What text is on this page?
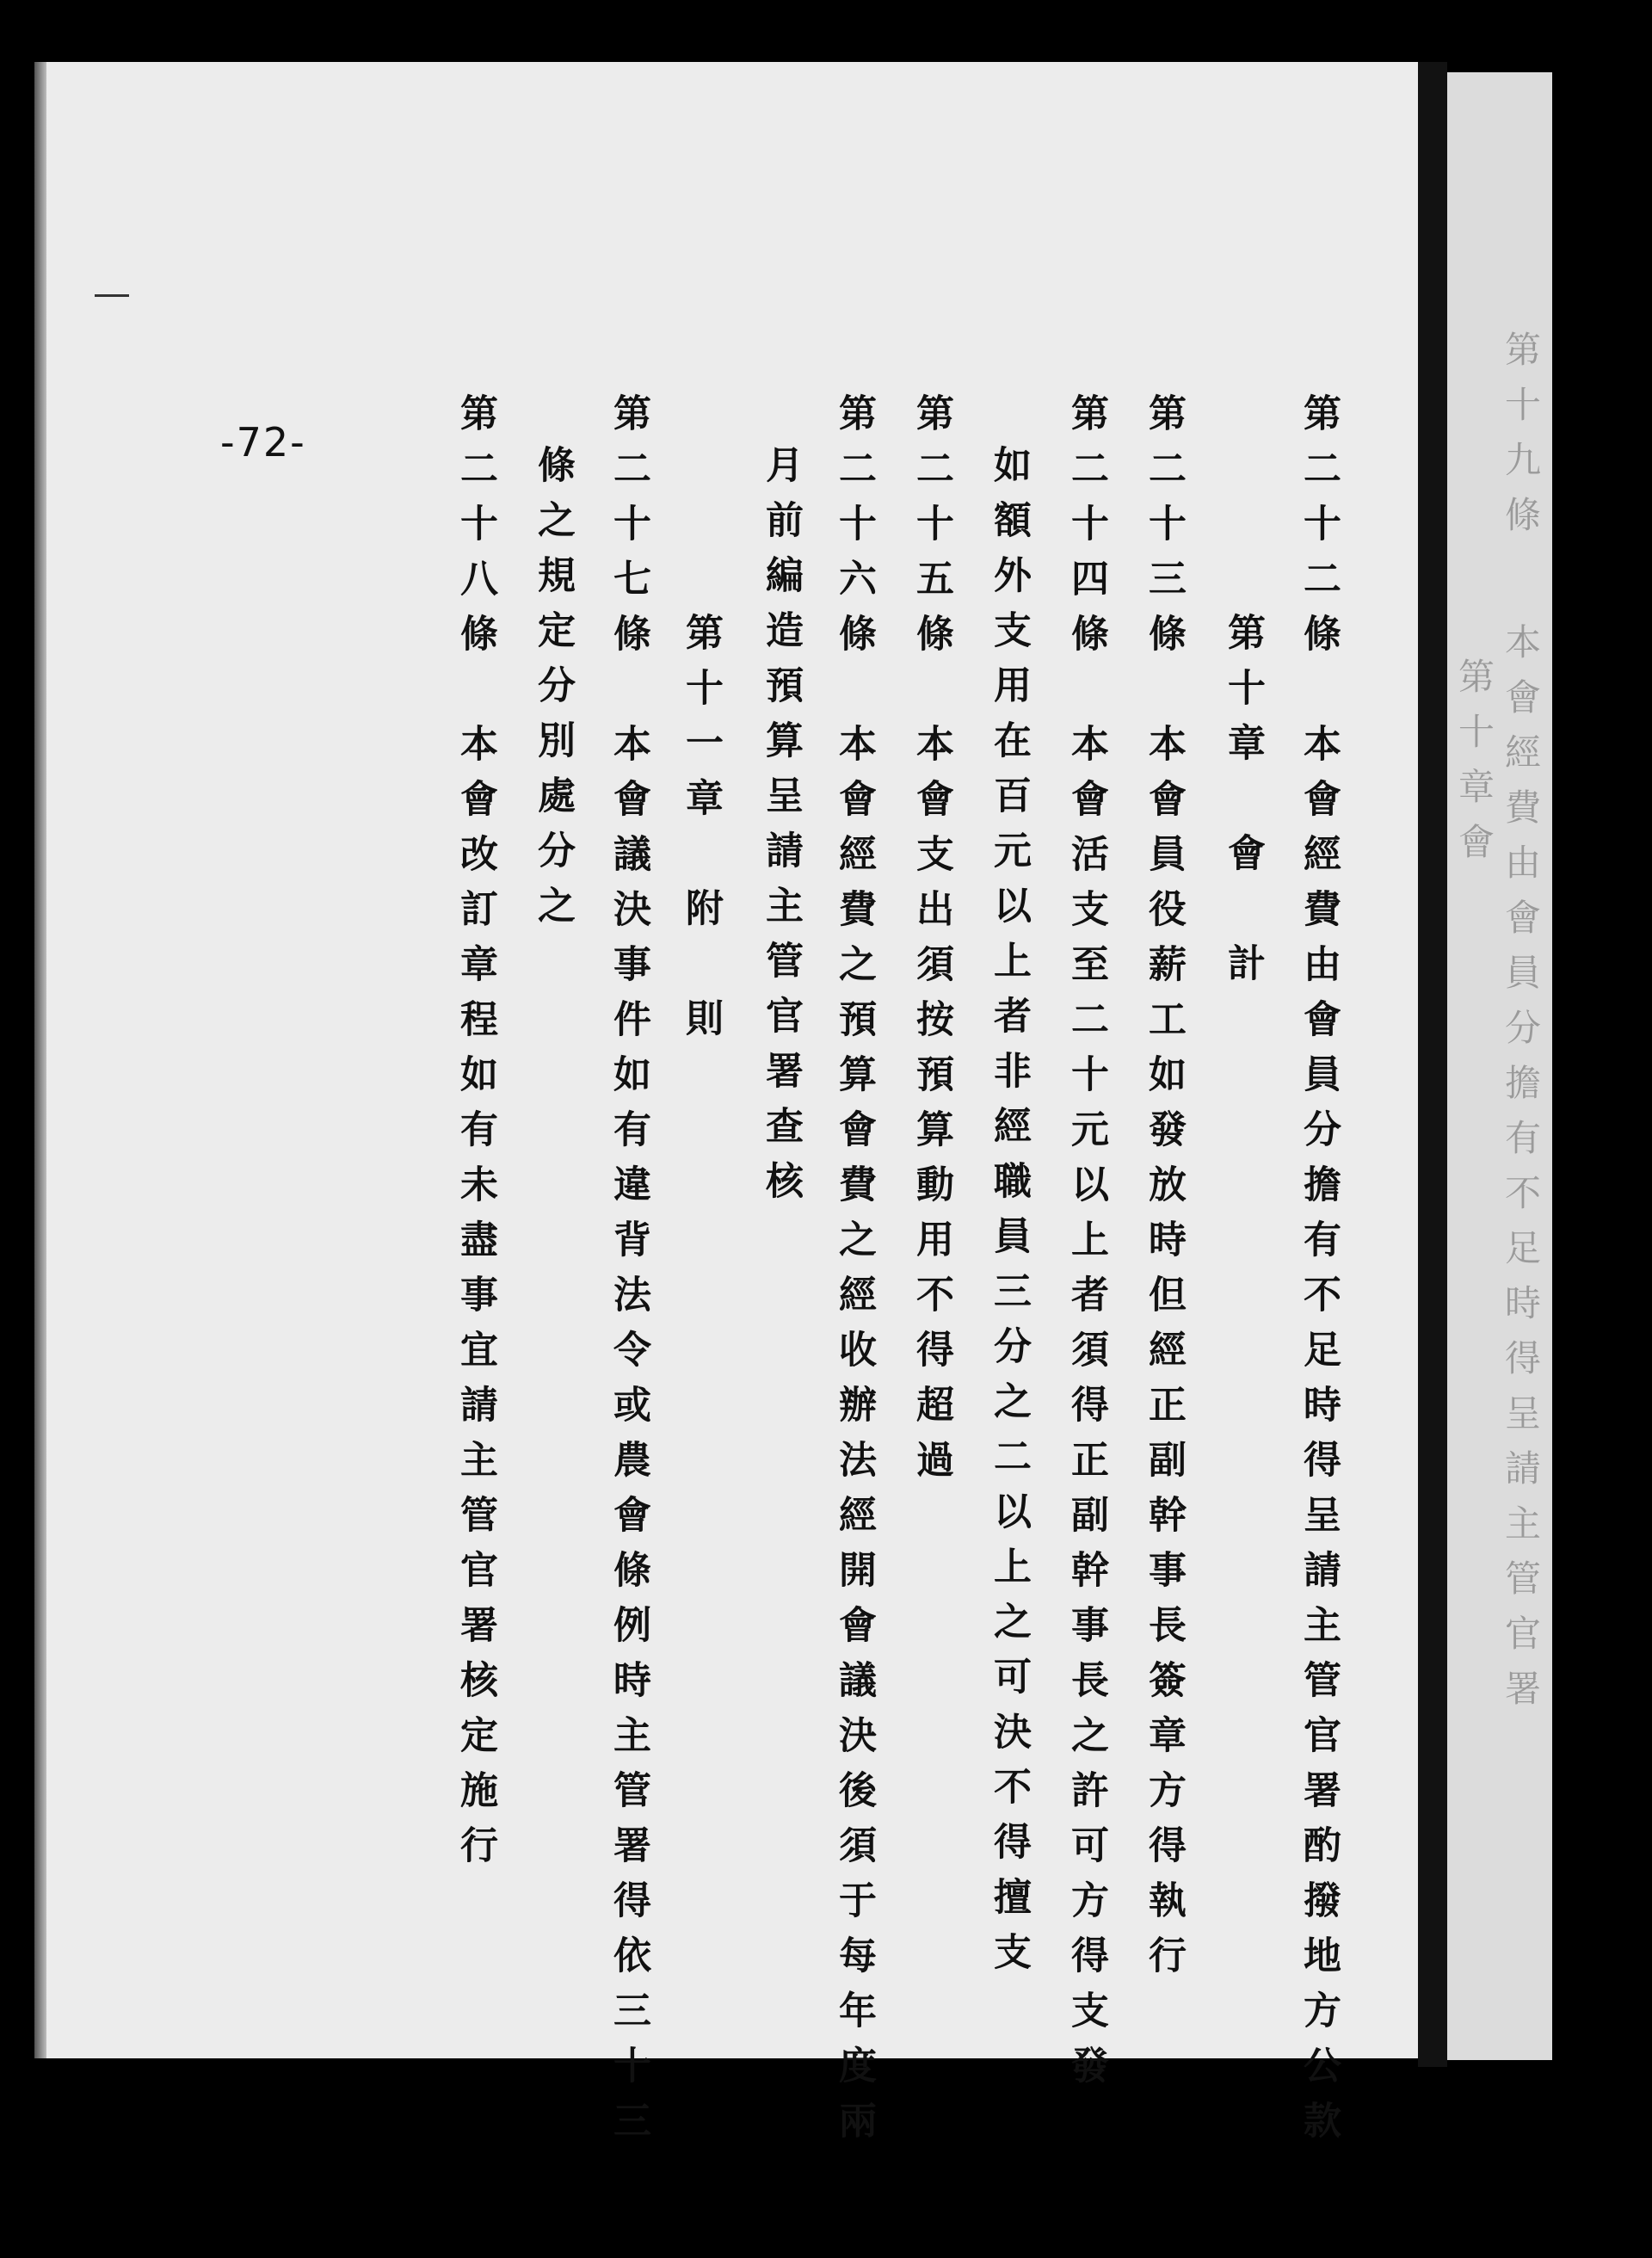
-72-	第二十二條　本會經費由會員分擔有不足時得呈請主管官署酌撥地方公款
第十章　會　計
第二十三條　本會員役薪工如發放時但經正副幹事長簽章方得執行
第二十四條　本會活支至二十元以上者須得正副幹事長之許可方得支發
如額外支用在百元以上者非經職員三分之二以上之可決不得擅支
第二十五條　本會支出須按預算動用不得超過
第二十六條　本會經費之預算會費之經收辦法經開會議決後須于每年度兩
月前編造預算呈請主管官署查核
第十一章　附　則
第二十七條　本會議決事件如有違背法令或農會條例時主管署得依三十三
條之規定分別處分之
第二十八條　本會改訂章程如有未盡事宜請主管官署核定施行	第十九條
第十章會 本會經費由會員分擔有不足時得呈請主管官署
